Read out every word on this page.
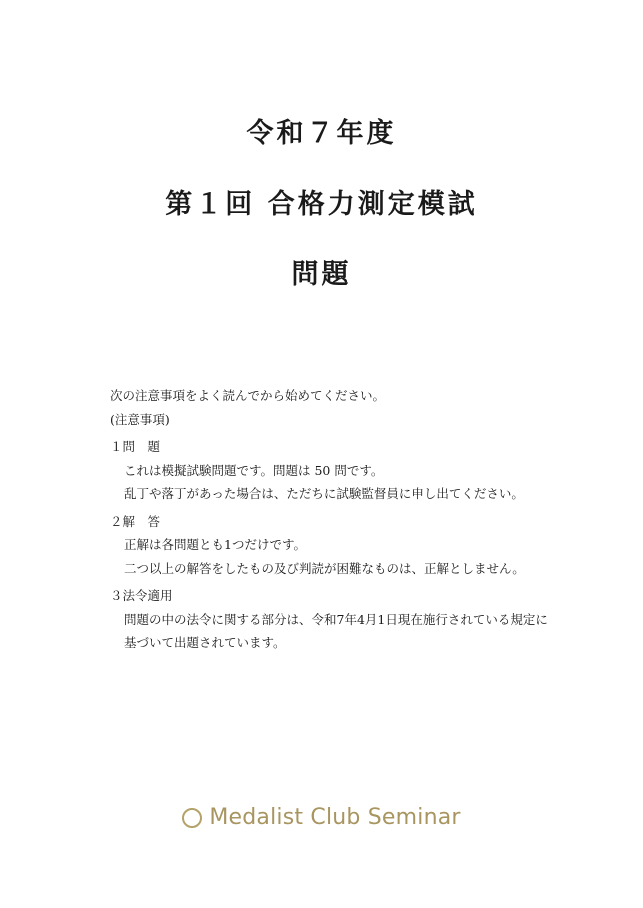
令和７年度
第１回 合格力測定模試
問題
次の注意事項をよく読んでから始めてください。
(注意事項)
１問　題
これは模擬試験問題です。問題は 50 問です。
乱丁や落丁があった場合は、ただちに試験監督員に申し出てください。
２解　答
正解は各問題とも1つだけです。
二つ以上の解答をしたもの及び判読が困難なものは、正解としません。
３法令適用
問題の中の法令に関する部分は、令和7年4月1日現在施行されている規定に
基づいて出題されています。
Medalist Club Seminar
